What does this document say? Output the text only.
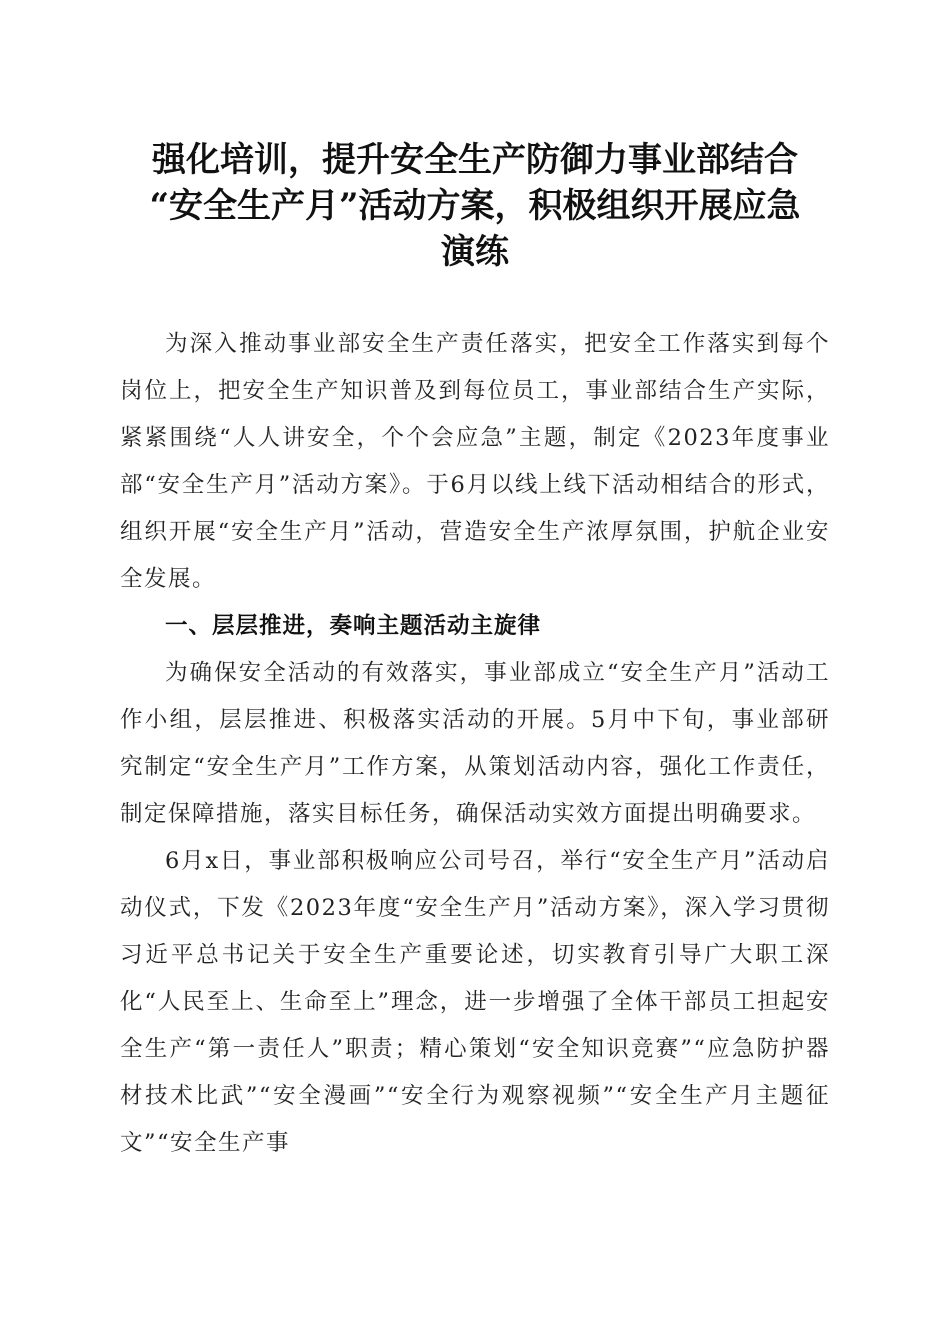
强化培训，提升安全生产防御力事业部结合
“安全生产月”活动方案，积极组织开展应急
演练

为深入推动事业部安全生产责任落实，把安全工作落实到每个岗位上，把安全生产知识普及到每位员工，事业部结合生产实际，紧紧围绕“人人讲安全，个个会应急”主题，制定《2023年度事业部“安全生产月”活动方案》。于6月以线上线下活动相结合的形式，组织开展“安全生产月”活动，营造安全生产浓厚氛围，护航企业安全发展。

一、层层推进，奏响主题活动主旋律

为确保安全活动的有效落实，事业部成立“安全生产月”活动工作小组，层层推进、积极落实活动的开展。5月中下旬，事业部研究制定“安全生产月”工作方案，从策划活动内容，强化工作责任，制定保障措施，落实目标任务，确保活动实效方面提出明确要求。

6月x日，事业部积极响应公司号召，举行“安全生产月”活动启动仪式，下发《2023年度“安全生产月”活动方案》，深入学习贯彻习近平总书记关于安全生产重要论述，切实教育引导广大职工深化“人民至上、生命至上”理念，进一步增强了全体干部员工担起安全生产“第一责任人”职责；精心策划“安全知识竞赛”“应急防护器材技术比武”“安全漫画”“安全行为观察视频”“安全生产月主题征文”“安全生产事
